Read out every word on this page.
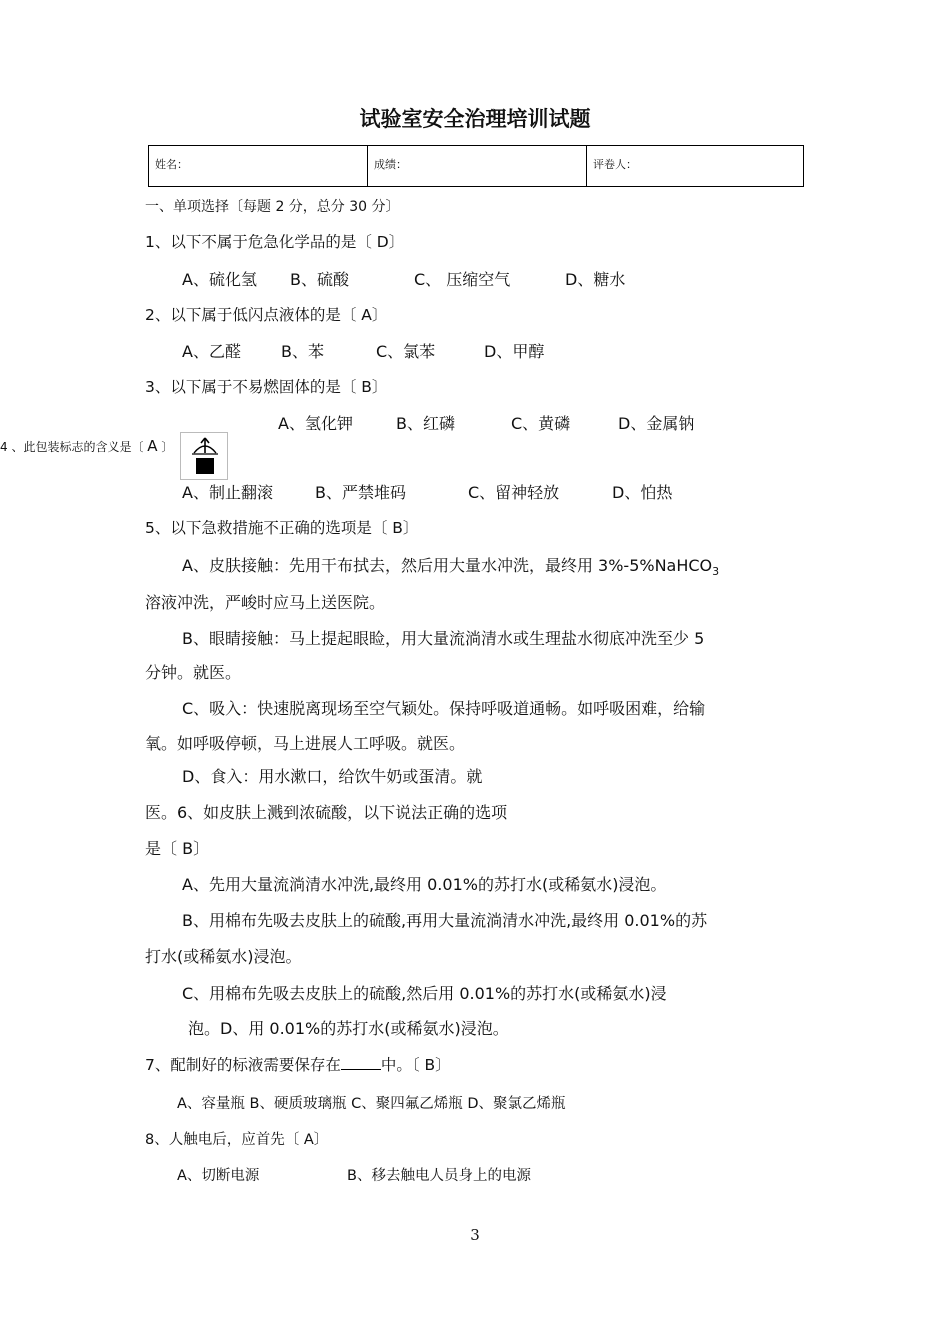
试验室安全治理培训试题
姓名：	成绩：	评卷人：
一、单项选择〔每题 2 分，总分 30 分〕
1、以下不属于危急化学品的是〔 D〕
A、硫化氢 B、硫酸	C、 压缩空气	D、糖水
2、以下属于低闪点液体的是〔 A〕
A、乙醛	B、苯	C、氯苯	D、甲醇
3、以下属于不易燃固体的是〔 B〕
A、氢化钾	B、红磷	C、黄磷	D、金属钠
4 、此包装标志的含义是〔 A 〕
A、制止翻滚	B、严禁堆码	C、留神轻放	D、怕热
5、以下急救措施不正确的选项是〔 B〕
A、皮肤接触：先用干布拭去，然后用大量水冲洗，最终用 3%-5%NaHCO$_3$
溶液冲洗，严峻时应马上送医院。
B、眼睛接触：马上提起眼睑，用大量流淌清水或生理盐水彻底冲洗至少 5
分钟。就医。
C、吸入：快速脱离现场至空气颖处。保持呼吸道通畅。如呼吸困难，给输
氧。如呼吸停顿，马上进展人工呼吸。就医。
D、食入：用水漱口，给饮牛奶或蛋清。就
医。6、如皮肤上溅到浓硫酸，以下说法正确的选项
是〔 B〕
A、先用大量流淌清水冲洗,最终用 0.01%的苏打水(或稀氨水)浸泡。
B、用棉布先吸去皮肤上的硫酸,再用大量流淌清水冲洗,最终用 0.01%的苏
打水(或稀氨水)浸泡。
C、用棉布先吸去皮肤上的硫酸,然后用 0.01%的苏打水(或稀氨水)浸
泡。D、用 0.01%的苏打水(或稀氨水)浸泡。
7、配制好的标液需要保存在	中。〔 B〕
A、容量瓶 B、硬质玻璃瓶 C、聚四氟乙烯瓶 D、聚氯乙烯瓶
8、人触电后，应首先〔 A〕
A、切断电源	B、移去触电人员身上的电源
3
